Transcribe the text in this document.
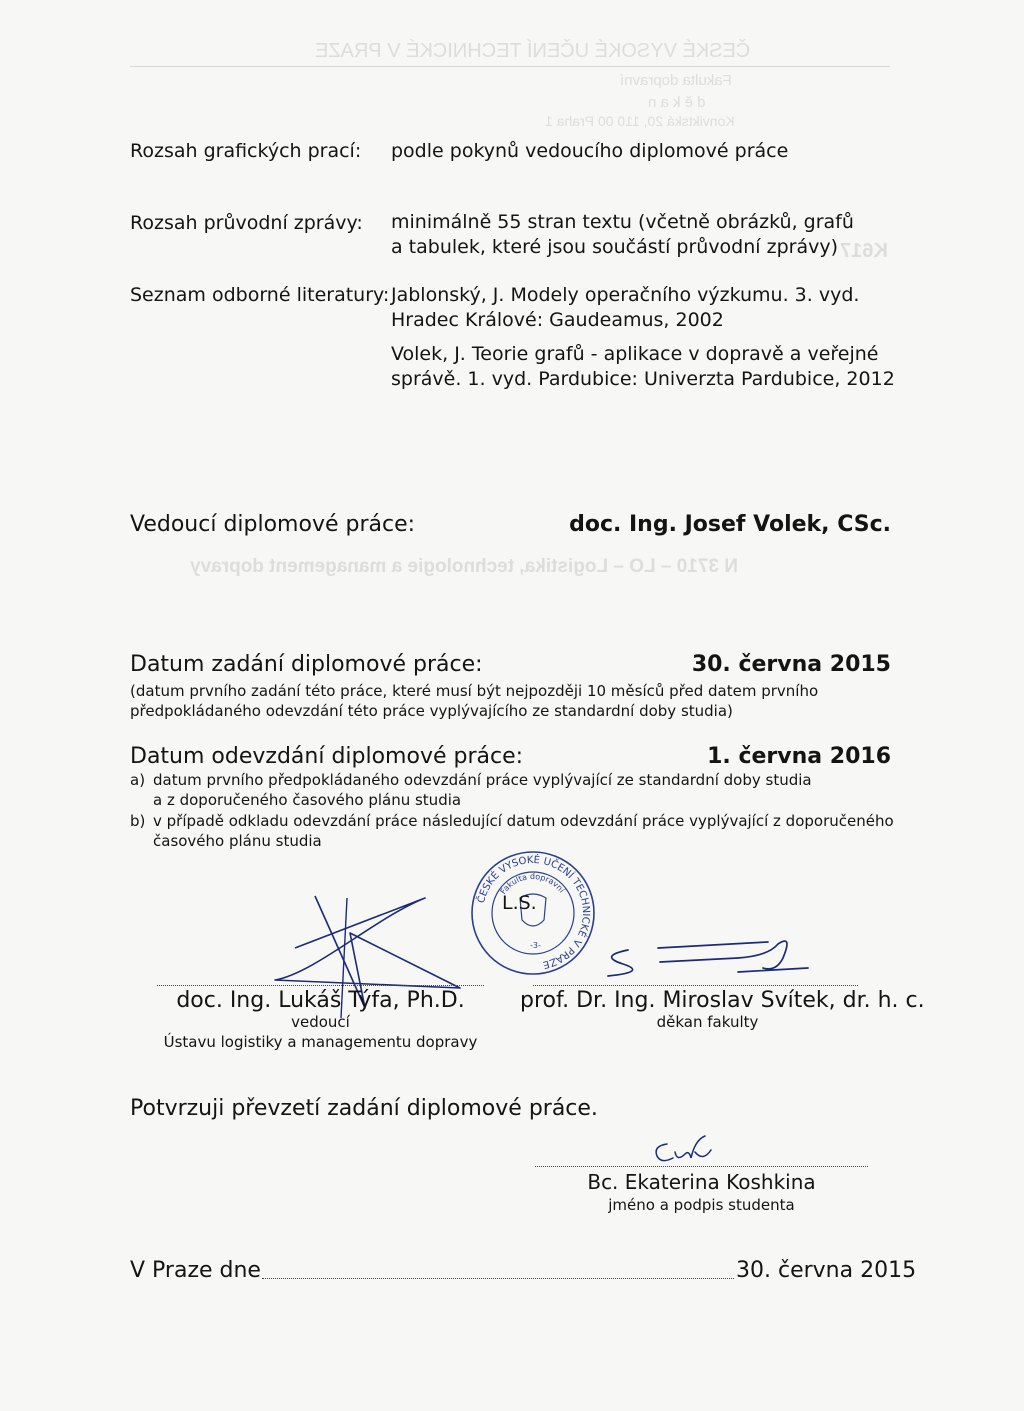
ČESKÉ VYSOKÉ UČENÍ TECHNICKÉ V PRAZE
Fakulta dopravní
d ě k a n
Konviktská 20, 110 00 Praha 1
K617
N 3710 – LO – Logistika, technologie a management dopravy
Rozsah grafických prací: podle pokynů vedoucího diplomové práce
Rozsah průvodní zprávy: minimálně 55 stran textu (včetně obrázků, grafů
a tabulek, které jsou součástí průvodní zprávy)
Seznam odborné literatury: Jablonský, J. Modely operačního výzkumu. 3. vyd.
Hradec Králové: Gaudeamus, 2002
Volek, J. Teorie grafů - aplikace v dopravě a veřejné
správě. 1. vyd. Pardubice: Univerzta Pardubice, 2012
Vedoucí diplomové práce:	doc. Ing. Josef Volek, CSc.
Datum zadání diplomové práce:	30. června 2015
(datum prvního zadání této práce, které musí být nejpozději 10 měsíců před datem prvního
předpokládaného odevzdání této práce vyplývajícího ze standardní doby studia)
Datum odevzdání diplomové práce:	1. června 2016
a) datum prvního předpokládaného odevzdání práce vyplývající ze standardní doby studia
a z doporučeného časového plánu studia
b) v případě odkladu odevzdání práce následující datum odevzdání práce vyplývající z doporučeného
časového plánu studia
ČESKÉ VYSOKÉ UČENÍ TECHNICKÉ V PRAZE
Fakulta dopravní
-3-
L.S.
doc. Ing. Lukáš Týfa, Ph.D.
vedoucí
Ústavu logistiky a managementu dopravy
prof. Dr. Ing. Miroslav Svítek, dr. h. c.
děkan fakulty
Potvrzuji převzetí zadání diplomové práce.
Bc. Ekaterina Koshkina
jméno a podpis studenta
V Praze dne	30. června 2015
